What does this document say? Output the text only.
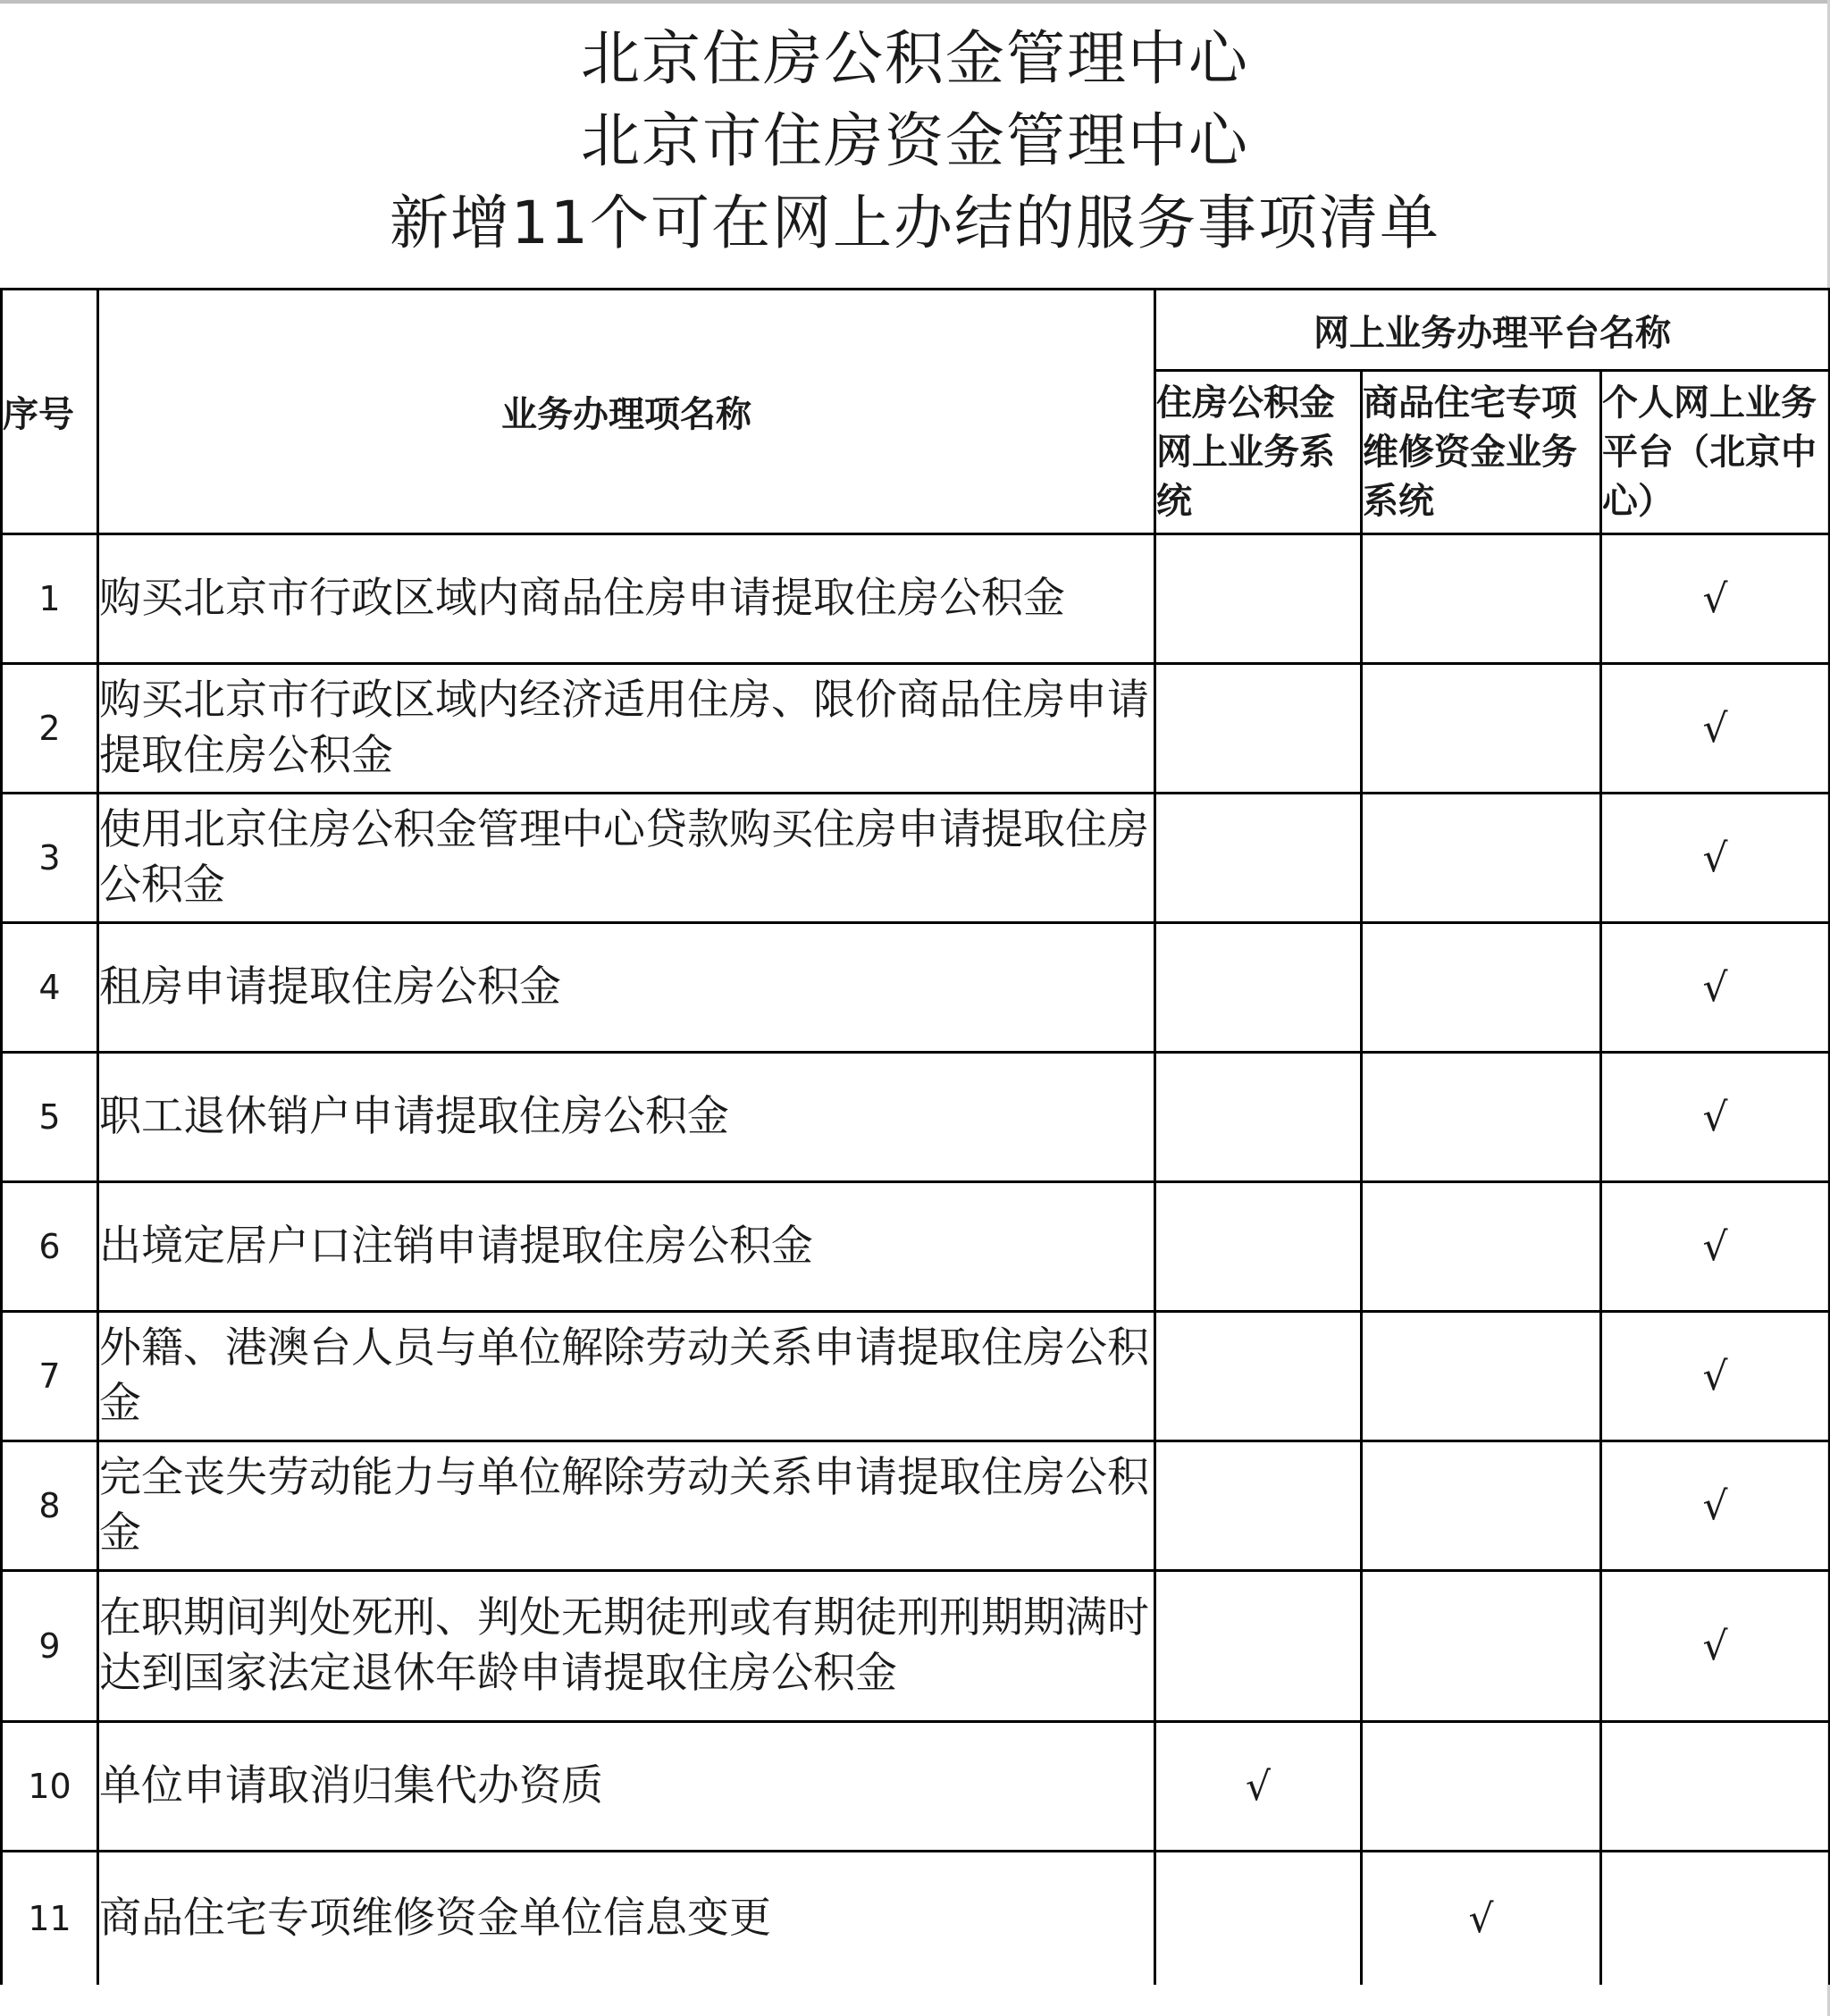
北京住房公积金管理中心
北京市住房资金管理中心
新增11个可在网上办结的服务事项清单
序号	业务办理项名称	网上业务办理平台名称		
		住房公积金网上业务系统	商品住宅专项维修资金业务系统	个人网上业务平台（北京中心）
1	购买北京市行政区域内商品住房申请提取住房公积金			√
2	购买北京市行政区域内经济适用住房、限价商品住房申请提取住房公积金			√
3	使用北京住房公积金管理中心贷款购买住房申请提取住房公积金			√
4	租房申请提取住房公积金			√
5	职工退休销户申请提取住房公积金			√
6	出境定居户口注销申请提取住房公积金			√
7	外籍、港澳台人员与单位解除劳动关系申请提取住房公积金			√
8	完全丧失劳动能力与单位解除劳动关系申请提取住房公积金			√
9	在职期间判处死刑、判处无期徒刑或有期徒刑刑期期满时达到国家法定退休年龄申请提取住房公积金			√
10	单位申请取消归集代办资质	√		
11	商品住宅专项维修资金单位信息变更		√	
